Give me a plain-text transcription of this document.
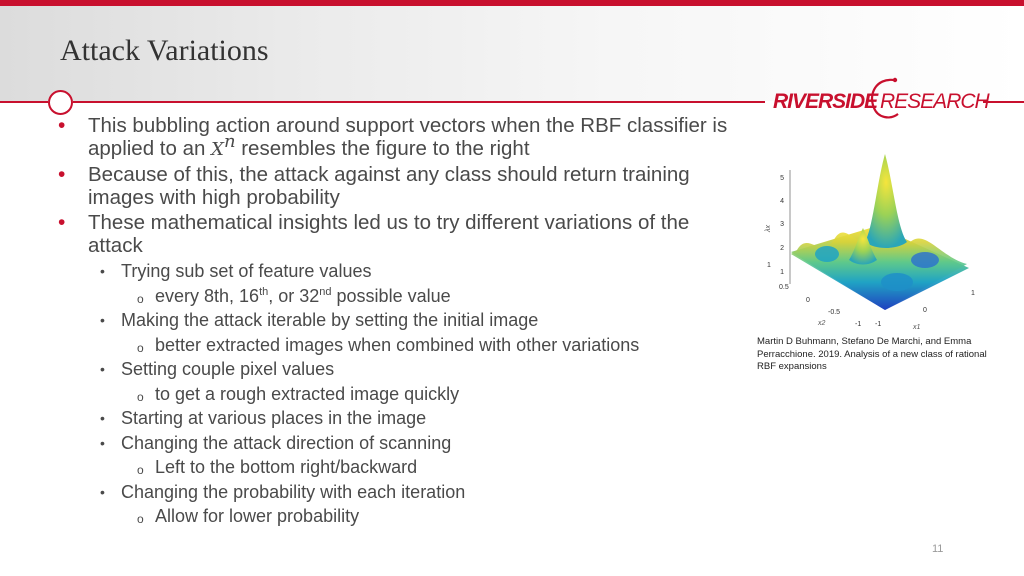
Attack Variations
RIVERSIDE RESEARCH
• This bubbling action around support vectors when the RBF classifier is applied to an $X^n$ resembles the figure to the right
• Because of this, the attack against any class should return training images with high probability
• These mathematical insights led us to try different variations of the attack
• Trying sub set of feature values
o every 8th, 16th, or 32nd possible value
• Making the attack iterable by setting the initial image
o better extracted images when combined with other variations
• Setting couple pixel values
o to get a rough extracted image quickly
• Starting at various places in the image
• Changing the attack direction of scanning
o Left to the bottom right/backward
• Changing the probability with each iteration
o Allow for lower probability
5
4
3
2
1
λx
1
0.5
0
-0.5
-1
x2	-1
0
1
x1

Martin D Buhmann, Stefano De Marchi, and Emma Perracchione. 2019. Analysis of a new class of rational RBF expansions

11
